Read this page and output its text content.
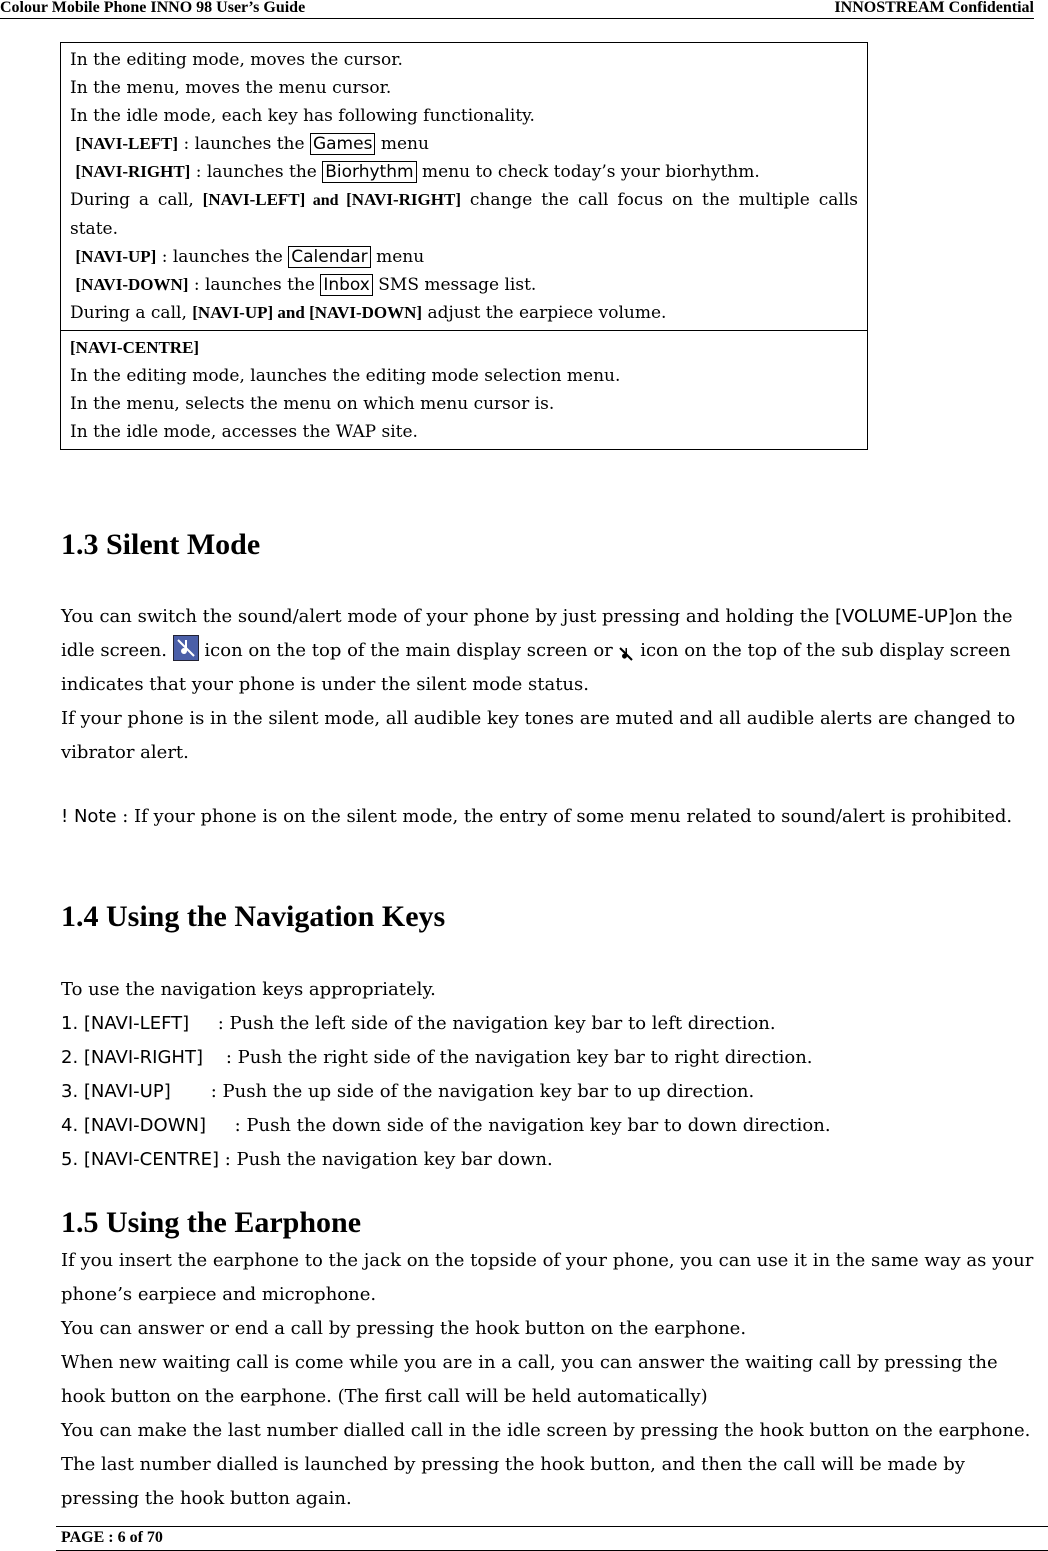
Colour Mobile Phone INNO 98 User’s Guide	INNOSTREAM Confidential

In the editing mode, moves the cursor.

In the menu, moves the menu cursor.

In the idle mode, each key has following functionality.

[NAVI-LEFT] : launches the Games menu

[NAVI-RIGHT] : launches the Biorhythm menu to check today’s your biorhythm.

During a call, [NAVI-LEFT] and [NAVI-RIGHT] change the call focus on the multiple calls state.

[NAVI-UP] : launches the Calendar menu

[NAVI-DOWN] : launches the Inbox SMS message list.

During a call, [NAVI-UP] and [NAVI-DOWN] adjust the earpiece volume.

[NAVI-CENTRE]

In the editing mode, launches the editing mode selection menu.

In the menu, selects the menu on which menu cursor is.

In the idle mode, accesses the WAP site.

1.3 Silent Mode

You can switch the sound/alert mode of your phone by just pressing and holding the [VOLUME-UP]on the idle screen.  icon on the top of the main display screen or  icon on the top of the sub display screen indicates that your phone is under the silent mode status.

If your phone is in the silent mode, all audible key tones are muted and all audible alerts are changed to vibrator alert.

! Note : If your phone is on the silent mode, the entry of some menu related to sound/alert is prohibited.

1.4 Using the Navigation Keys
To use the navigation keys appropriately.
1. [NAVI-LEFT]     : Push the left side of the navigation key bar to left direction.
2. [NAVI-RIGHT]    : Push the right side of the navigation key bar to right direction.
3. [NAVI-UP]       : Push the up side of the navigation key bar to up direction.
4. [NAVI-DOWN]     : Push the down side of the navigation key bar to down direction.
5. [NAVI-CENTRE] : Push the navigation key bar down.
1.5 Using the Earphone
If you insert the earphone to the jack on the topside of your phone, you can use it in the same way as your phone’s earpiece and microphone.
You can answer or end a call by pressing the hook button on the earphone.
When new waiting call is come while you are in a call, you can answer the waiting call by pressing the hook button on the earphone. (The first call will be held automatically)
You can make the last number dialled call in the idle screen by pressing the hook button on the earphone. The last number dialled is launched by pressing the hook button, and then the call will be made by pressing the hook button again.
PAGE : 6 of 70
